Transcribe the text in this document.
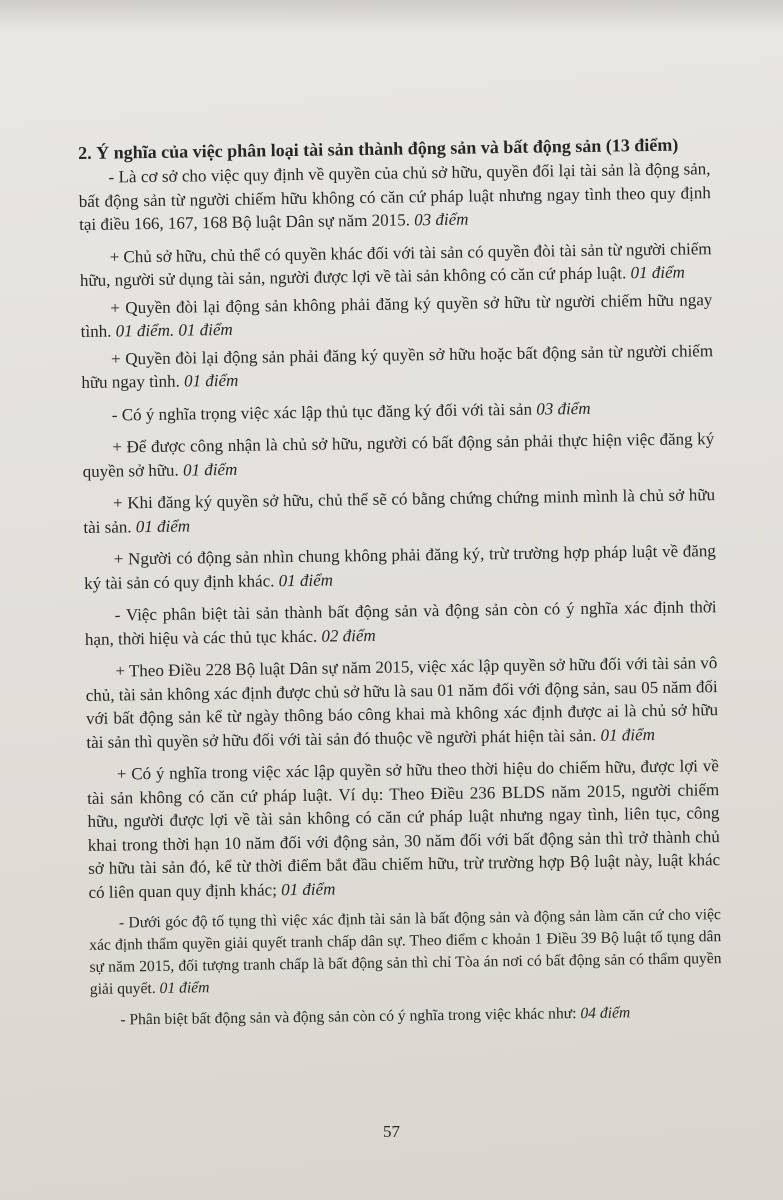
2. Ý nghĩa của việc phân loại tài sản thành động sản và bất động sản (13 điểm)

- Là cơ sở cho việc quy định về quyền của chủ sở hữu, quyền đổi lại tài sản là động sản, bất động sản từ người chiếm hữu không có căn cứ pháp luật nhưng ngay tình theo quy định tại điều 166, 167, 168 Bộ luật Dân sự năm 2015. 03 điểm

+ Chủ sở hữu, chủ thể có quyền khác đối với tài sản có quyền đòi tài sản từ người chiếm hữu, người sử dụng tài sản, người được lợi về tài sản không có căn cứ pháp luật. 01 điểm

+ Quyền đòi lại động sản không phải đăng ký quyền sở hữu từ người chiếm hữu ngay tình. 01 điểm. 01 điểm

+ Quyền đòi lại động sản phải đăng ký quyền sở hữu hoặc bất động sản từ người chiếm hữu ngay tình. 01 điểm

- Có ý nghĩa trọng việc xác lập thủ tục đăng ký đối với tài sản 03 điểm

+ Để được công nhận là chủ sở hữu, người có bất động sản phải thực hiện việc đăng ký quyền sở hữu. 01 điểm

+ Khi đăng ký quyền sở hữu, chủ thể sẽ có bằng chứng chứng minh mình là chủ sở hữu tài sản. 01 điểm

+ Người có động sản nhìn chung không phải đăng ký, trừ trường hợp pháp luật về đăng ký tài sản có quy định khác. 01 điểm

- Việc phân biệt tài sản thành bất động sản và động sản còn có ý nghĩa xác định thời hạn, thời hiệu và các thủ tục khác. 02 điểm

+ Theo Điều 228 Bộ luật Dân sự năm 2015, việc xác lập quyền sở hữu đối với tài sản vô chủ, tài sản không xác định được chủ sở hữu là sau 01 năm đối với động sản, sau 05 năm đối với bất động sản kể từ ngày thông báo công khai mà không xác định được ai là chủ sở hữu tài sản thì quyền sở hữu đối với tài sản đó thuộc về người phát hiện tài sản. 01 điểm

+ Có ý nghĩa trong việc xác lập quyền sở hữu theo thời hiệu do chiếm hữu, được lợi về tài sản không có căn cứ pháp luật. Ví dụ: Theo Điều 236 BLDS năm 2015, người chiếm hữu, người được lợi về tài sản không có căn cứ pháp luật nhưng ngay tình, liên tục, công khai trong thời hạn 10 năm đối với động sản, 30 năm đối với bất động sản thì trở thành chủ sở hữu tài sản đó, kể từ thời điểm bắt đầu chiếm hữu, trừ trường hợp Bộ luật này, luật khác có liên quan quy định khác; 01 điểm

- Dưới góc độ tố tụng thì việc xác định tài sản là bất động sản và động sản làm căn cứ cho việc xác định thẩm quyền giải quyết tranh chấp dân sự. Theo điểm c khoản 1 Điều 39 Bộ luật tố tụng dân sự năm 2015, đối tượng tranh chấp là bất động sản thì chỉ Tòa án nơi có bất động sản có thẩm quyền giải quyết. 01 điểm

- Phân biệt bất động sản và động sản còn có ý nghĩa trong việc khác như: 04 điểm

57
